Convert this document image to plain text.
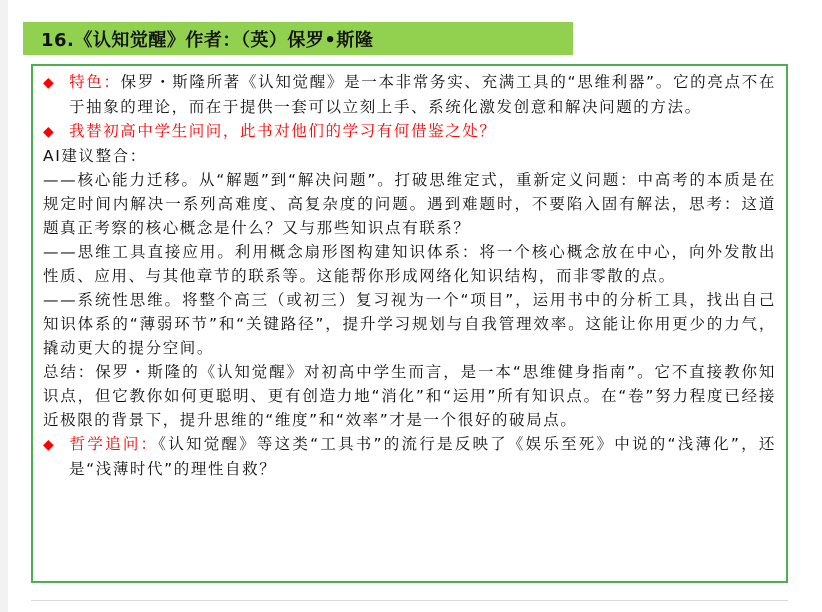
16.《认知觉醒》作者：（英）保罗•斯隆

◆ 特色：保罗・斯隆所著《认知觉醒》是一本非常务实、充满工具的“思维利器”。它的亮点不在于抽象的理论，而在于提供一套可以立刻上手、系统化激发创意和解决问题的方法。

◆ 我替初高中学生问问，此书对他们的学习有何借鉴之处？

AI建议整合：

——核心能力迁移。从“解题”到“解决问题”。打破思维定式，重新定义问题：中高考的本质是在规定时间内解决一系列高难度、高复杂度的问题。遇到难题时，不要陷入固有解法，思考：这道题真正考察的核心概念是什么？又与那些知识点有联系？

——思维工具直接应用。利用概念扇形图构建知识体系：将一个核心概念放在中心，向外发散出性质、应用、与其他章节的联系等。这能帮你形成网络化知识结构，而非零散的点。

——系统性思维。将整个高三（或初三）复习视为一个“项目”，运用书中的分析工具，找出自己知识体系的“薄弱环节”和“关键路径”，提升学习规划与自我管理效率。这能让你用更少的力气，撬动更大的提分空间。

总结：保罗・斯隆的《认知觉醒》对初高中学生而言，是一本“思维健身指南”。它不直接教你知识点，但它教你如何更聪明、更有创造力地“消化”和“运用”所有知识点。在“卷”努力程度已经接近极限的背景下，提升思维的“维度”和“效率”才是一个很好的破局点。

◆ 哲学追问：《认知觉醒》等这类“工具书”的流行是反映了《娱乐至死》中说的“浅薄化”，还是“浅薄时代”的理性自救？
